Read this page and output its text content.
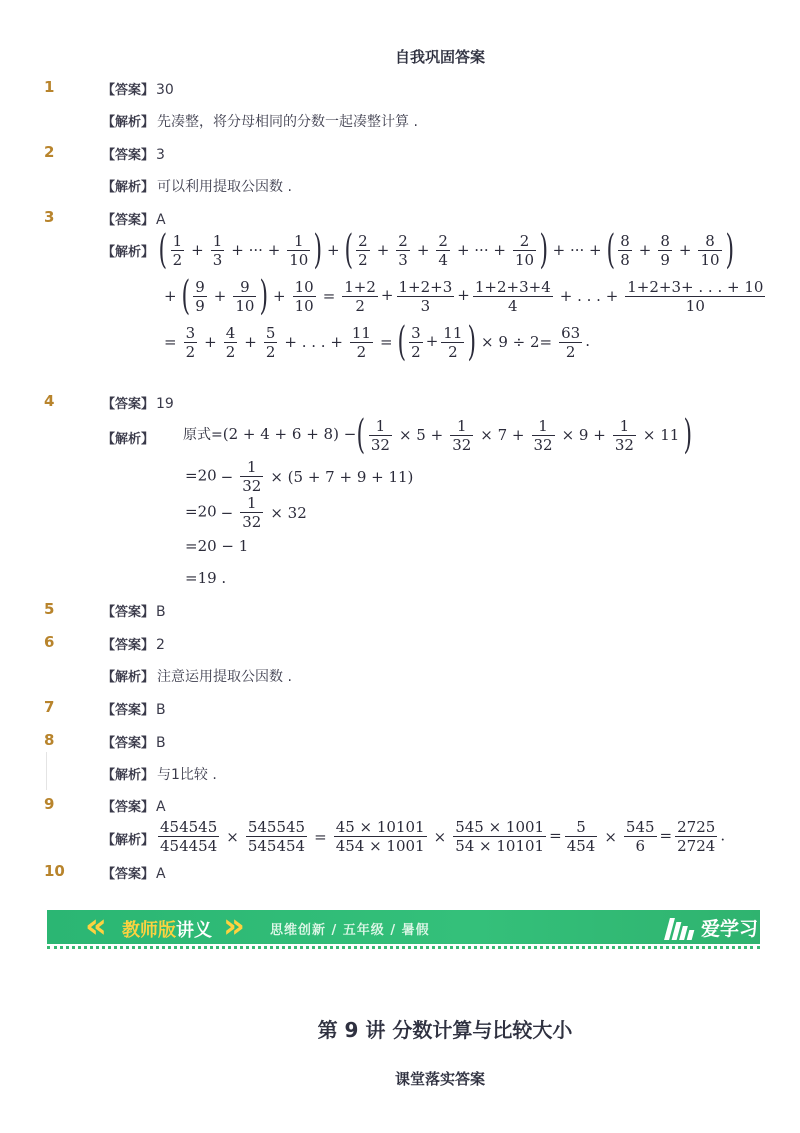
自我巩固答案
1	【答案】 30
【解析】 先凑整，将分母相同的分数一起凑整计算 .
2	【答案】 3
【解析】 可以利用提取公因数 .
3	【答案】 A
【解析】 ( $\frac{1}{2} + \frac{1}{3}$ + ··· + $\frac{1}{10}$ ) + ( $\frac{2}{2} + \frac{2}{3} + \frac{2}{4}$ + ··· + $\frac{2}{10}$ ) + ··· + ( $\frac{8}{8} + \frac{8}{9} + \frac{8}{10}$ )
+ ( $\frac{9}{9} + \frac{9}{10}$ ) + $\frac{10}{10} = \frac{1+2}{2} + \frac{1+2+3}{3} + \frac{1+2+3+4}{4}$ + . . . + $\frac{1+2+3+ . . . + 10}{10}$
= $\frac{3}{2} + \frac{4}{2} + \frac{5}{2}$ + . . . + $\frac{11}{2}$ = ( $\frac{3}{2} + \frac{11}{2}$ ) × $9 \div 2= \frac{63}{2}$ .
4	【答案】 19
【解析】 原式=(2 + 4 + 6 + 8) −( $\frac{1}{32} \times 5 + \frac{1}{32} \times 7 + \frac{1}{32} \times 9 + \frac{1}{32} \times 11$ )
$=20 - \frac{1}{32} \times (5 + 7 + 9 + 11)$
$=20 - \frac{1}{32} \times 32$
=20 − 1
=19 .
5	【答案】 B
6	【答案】 2
【解析】 注意运用提取公因数 .
7	【答案】 B
8	【答案】 B
【解析】 与1比较 .
9	【答案】 A
【解析】 $\frac{454545}{454454} \times \frac{545545}{545454} = \frac{45 \times 10101}{454 \times 1001} \times \frac{545 \times 1001}{54 \times 10101} = \frac{5}{454} \times \frac{545}{6} = \frac{2725}{2724}$ .
10	【答案】 A
« 教师版讲义 » 思维创新 / 五年级 / 暑假	爱学习
第 9 讲 分数计算与比较大小
课堂落实答案
